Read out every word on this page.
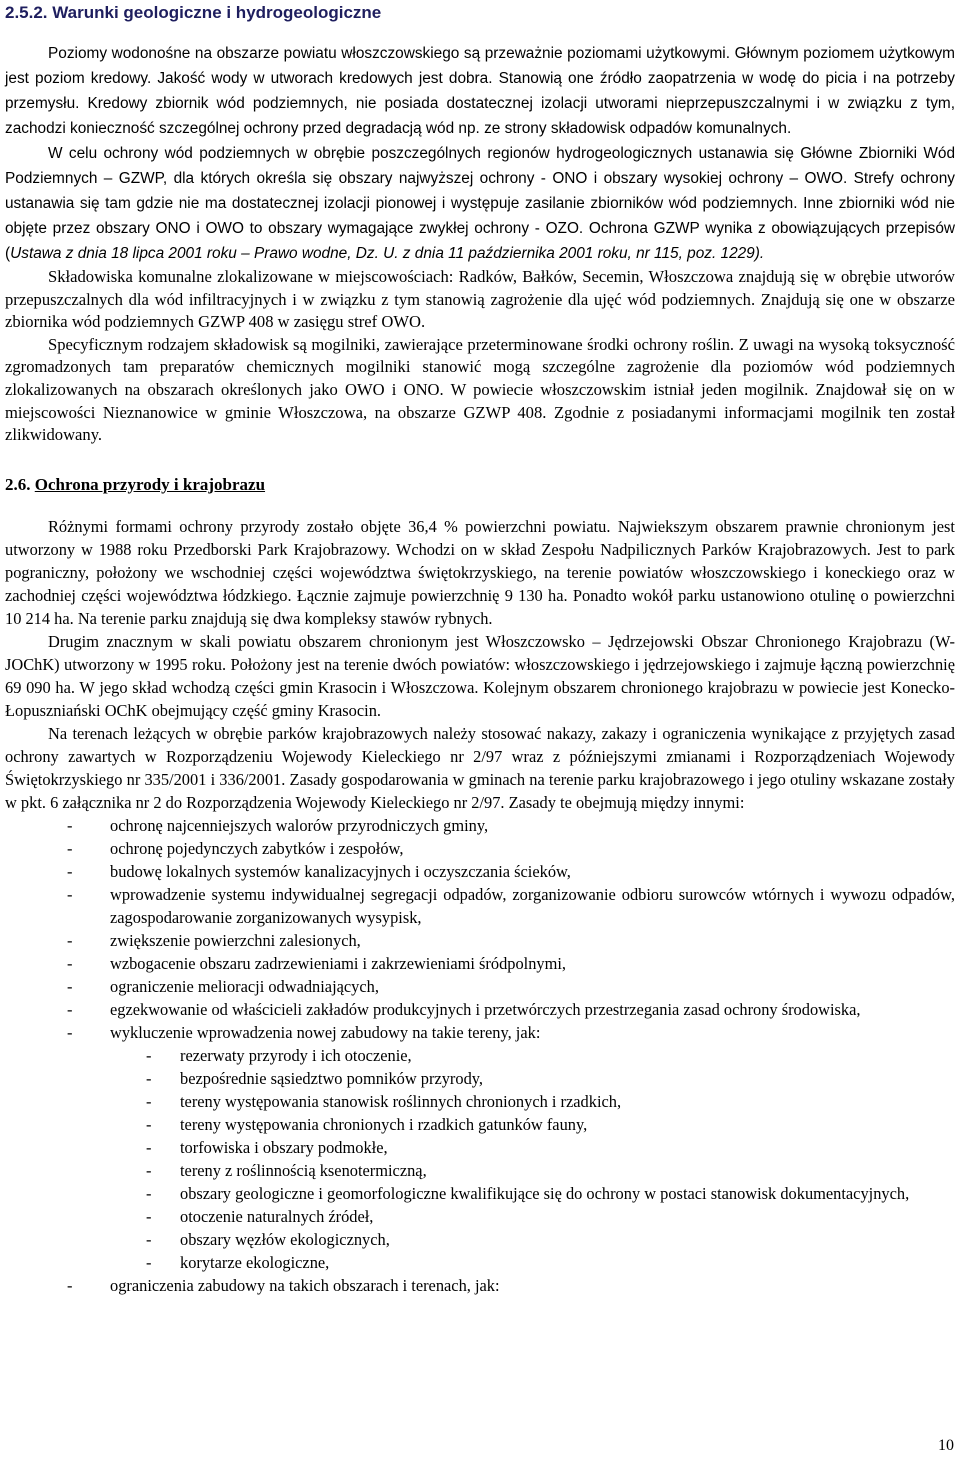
2.5.2. Warunki geologiczne i hydrogeologiczne

Poziomy wodonośne na obszarze powiatu włoszczowskiego są przeważnie poziomami użytkowymi. Głównym poziomem użytkowym jest poziom kredowy. Jakość wody w utworach kredowych jest dobra. Stanowią one źródło zaopatrzenia w wodę do picia i na potrzeby przemysłu. Kredowy zbiornik wód podziemnych, nie posiada dostatecznej izolacji utworami nieprzepuszczalnymi i w związku z tym, zachodzi konieczność szczególnej ochrony przed degradacją wód np. ze strony składowisk odpadów komunalnych.

W celu ochrony wód podziemnych w obrębie poszczególnych regionów hydrogeologicznych ustanawia się Główne Zbiorniki Wód Podziemnych – GZWP, dla których określa się obszary najwyższej ochrony - ONO i obszary wysokiej ochrony – OWO. Strefy ochrony ustanawia się tam gdzie nie ma dostatecznej izolacji pionowej i występuje zasilanie zbiorników wód podziemnych. Inne zbiorniki wód nie objęte przez obszary ONO i OWO to obszary wymagające zwykłej ochrony - OZO. Ochrona GZWP wynika z obowiązujących przepisów (Ustawa z dnia 18 lipca 2001 roku – Prawo wodne, Dz. U. z dnia 11 października 2001 roku, nr 115, poz. 1229).

Składowiska komunalne zlokalizowane w miejscowościach: Radków, Bałków, Secemin, Włoszczowa znajdują się w obrębie utworów przepuszczalnych dla wód infiltracyjnych i w związku z tym stanowią zagrożenie dla ujęć wód podziemnych. Znajdują się one w obszarze zbiornika wód podziemnych GZWP 408 w zasięgu stref OWO.

Specyficznym rodzajem składowisk są mogilniki, zawierające przeterminowane środki ochrony roślin. Z uwagi na wysoką toksyczność zgromadzonych tam preparatów chemicznych mogilniki stanowić mogą szczególne zagrożenie dla poziomów wód podziemnych zlokalizowanych na obszarach określonych jako OWO i ONO. W powiecie włoszczowskim istniał jeden mogilnik. Znajdował się on w miejscowości Nieznanowice w gminie Włoszczowa, na obszarze GZWP 408. Zgodnie z posiadanymi informacjami mogilnik ten został zlikwidowany.

2.6. Ochrona przyrody i krajobrazu

Różnymi formami ochrony przyrody zostało objęte 36,4 % powierzchni powiatu. Najwiekszym obszarem prawnie chronionym jest utworzony w 1988 roku Przedborski Park Krajobrazowy. Wchodzi on w skład Zespołu Nadpilicznych Parków Krajobrazowych. Jest to park pograniczny, położony we wschodniej części województwa świętokrzyskiego, na terenie powiatów włoszczowskiego i koneckiego oraz w zachodniej części województwa łódzkiego. Łącznie zajmuje powierzchnię 9 130 ha. Ponadto wokół parku ustanowiono otulinę o powierzchni 10 214 ha. Na terenie parku znajdują się dwa kompleksy stawów rybnych.

Drugim znacznym w skali powiatu obszarem chronionym jest Włoszczowsko – Jędrzejowski Obszar Chronionego Krajobrazu (W-JOChK) utworzony w 1995 roku. Położony jest na terenie dwóch powiatów: włoszczowskiego i jędrzejowskiego i zajmuje łączną powierzchnię 69 090 ha. W jego skład wchodzą części gmin Krasocin i Włoszczowa. Kolejnym obszarem chronionego krajobrazu w powiecie jest Konecko-Łopuszniański OChK obejmujący część gminy Krasocin.

Na terenach leżących w obrębie parków krajobrazowych należy stosować nakazy, zakazy i ograniczenia wynikające z przyjętych zasad ochrony zawartych w Rozporządzeniu Wojewody Kieleckiego nr 2/97 wraz z późniejszymi zmianami i Rozporządzeniach Wojewody Świętokrzyskiego nr 335/2001 i 336/2001. Zasady gospodarowania w gminach na terenie parku krajobrazowego i jego otuliny wskazane zostały w pkt. 6 załącznika nr 2 do Rozporządzenia Wojewody Kieleckiego nr 2/97. Zasady te obejmują między innymi:

- ochronę najcenniejszych walorów przyrodniczych gminy,
- ochronę pojedynczych zabytków i zespołów,
- budowę lokalnych systemów kanalizacyjnych i oczyszczania ścieków,
- wprowadzenie systemu indywidualnej segregacji odpadów, zorganizowanie odbioru surowców wtórnych i wywozu odpadów, zagospodarowanie zorganizowanych wysypisk,
- zwiększenie powierzchni zalesionych,
- wzbogacenie obszaru zadrzewieniami i zakrzewieniami śródpolnymi,
- ograniczenie melioracji odwadniających,
- egzekwowanie od właścicieli zakładów produkcyjnych i przetwórczych przestrzegania zasad ochrony środowiska,
- wykluczenie wprowadzenia nowej zabudowy na takie tereny, jak:
- rezerwaty przyrody i ich otoczenie,
- bezpośrednie sąsiedztwo pomników przyrody,
- tereny występowania stanowisk roślinnych chronionych i rzadkich,
- tereny występowania chronionych i rzadkich gatunków fauny,
- torfowiska i obszary podmokłe,
- tereny z roślinnością ksenotermiczną,
- obszary geologiczne i geomorfologiczne kwalifikujące się do ochrony w postaci stanowisk dokumentacyjnych,
- otoczenie naturalnych źródeł,
- obszary węzłów ekologicznych,
- korytarze ekologiczne,
- ograniczenia zabudowy na takich obszarach i terenach, jak:
10
